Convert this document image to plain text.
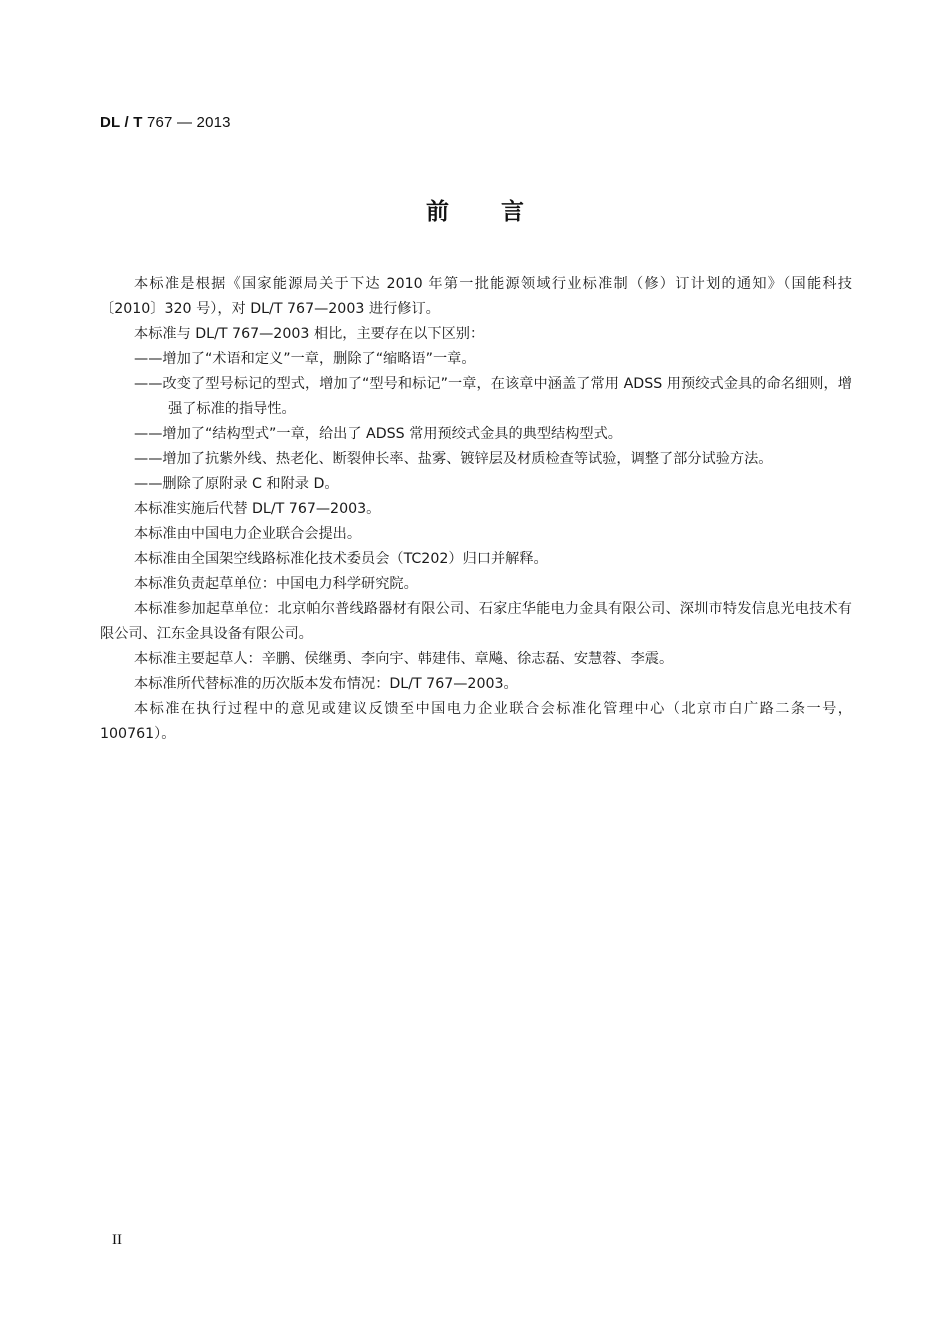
DL / T 767 — 2013
前言

本标准是根据《国家能源局关于下达 2010 年第一批能源领域行业标准制（修）订计划的通知》（国能科技〔2010〕320 号），对 DL/T 767—2003 进行修订。

本标准与 DL/T 767—2003 相比，主要存在以下区别：

——增加了“术语和定义”一章，删除了“缩略语”一章。

——改变了型号标记的型式，增加了“型号和标记”一章，在该章中涵盖了常用 ADSS 用预绞式金具的命名细则，增强了标准的指导性。

——增加了“结构型式”一章，给出了 ADSS 常用预绞式金具的典型结构型式。

——增加了抗紫外线、热老化、断裂伸长率、盐雾、镀锌层及材质检查等试验，调整了部分试验方法。

——删除了原附录 C 和附录 D。

本标准实施后代替 DL/T 767—2003。

本标准由中国电力企业联合会提出。

本标准由全国架空线路标准化技术委员会（TC202）归口并解释。

本标准负责起草单位：中国电力科学研究院。

本标准参加起草单位：北京帕尔普线路器材有限公司、石家庄华能电力金具有限公司、深圳市特发信息光电技术有限公司、江东金具设备有限公司。

本标准主要起草人：辛鹏、侯继勇、李向宇、韩建伟、章飚、徐志磊、安慧蓉、李震。

本标准所代替标准的历次版本发布情况：DL/T 767—2003。

本标准在执行过程中的意见或建议反馈至中国电力企业联合会标准化管理中心（北京市白广路二条一号，100761）。

II
